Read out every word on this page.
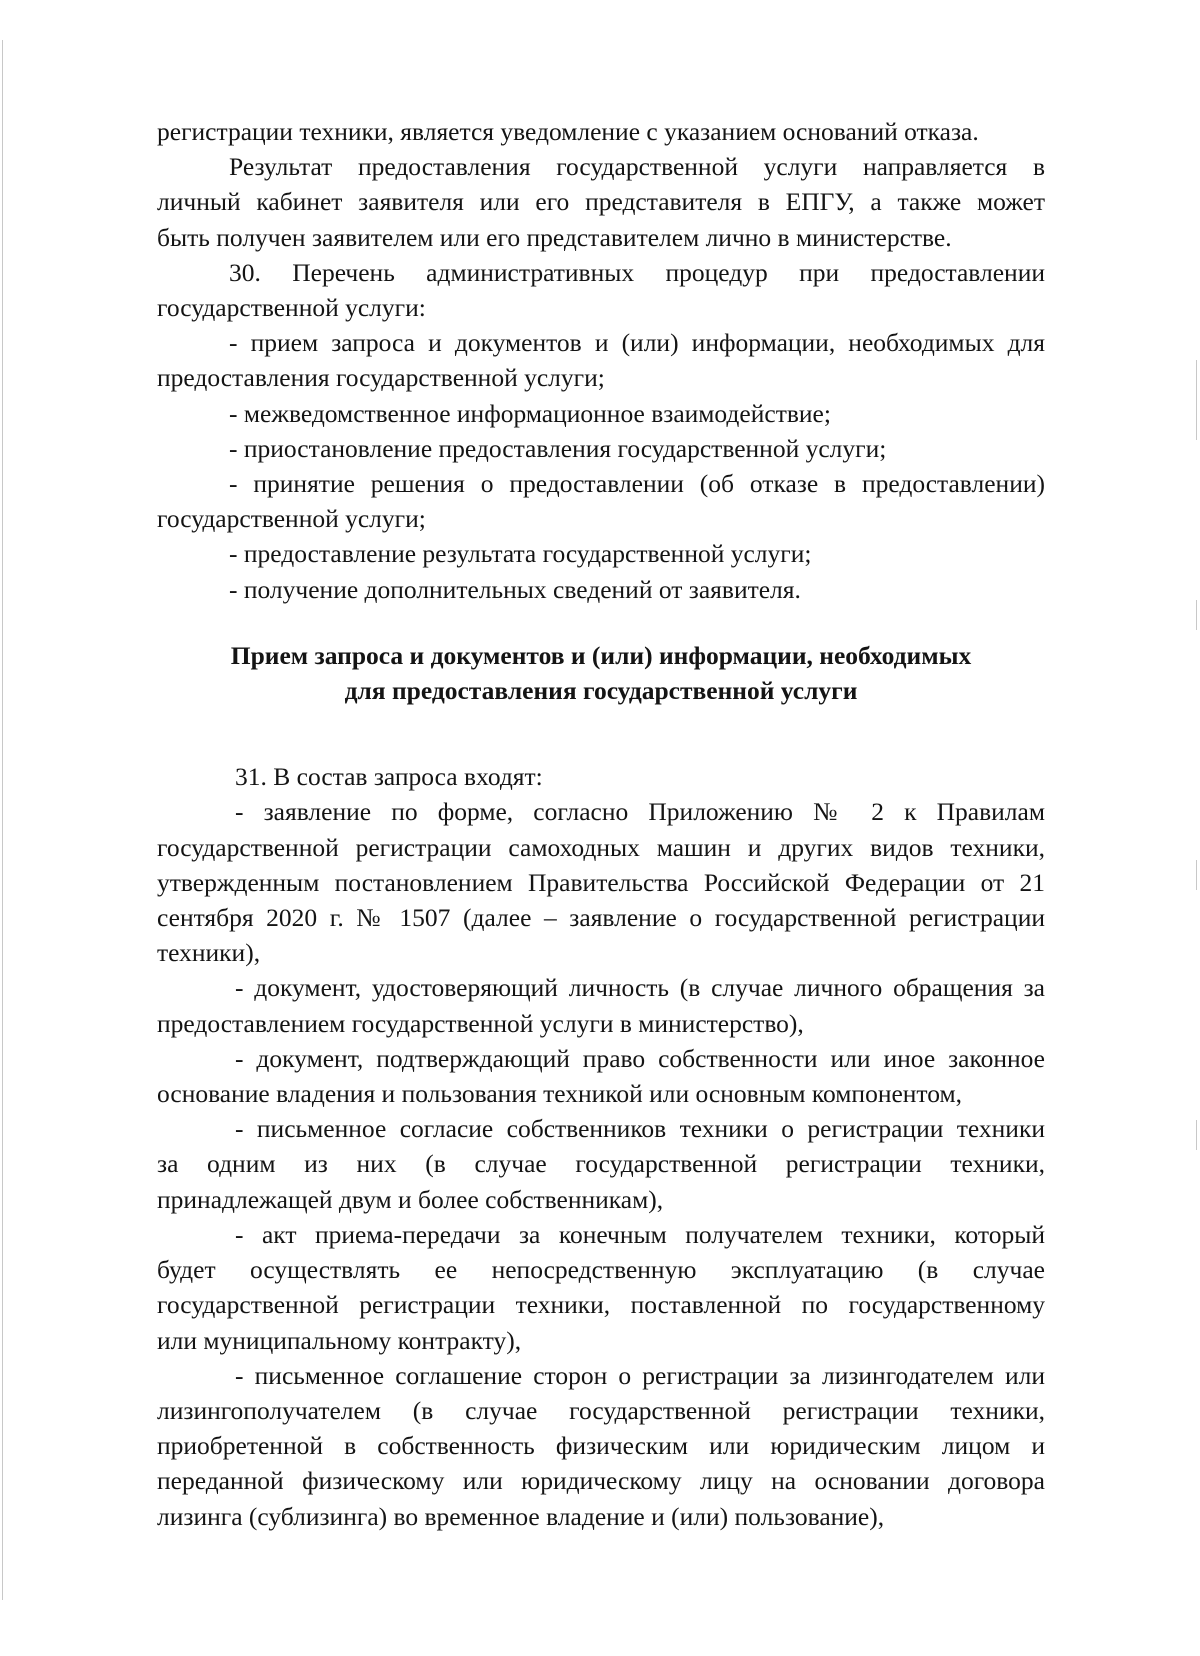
регистрации техники, является уведомление с указанием оснований отказа.
Результат предоставления государственной услуги направляется в
личный кабинет заявителя или его представителя в ЕПГУ, а также может
быть получен заявителем или его представителем лично в министерстве.
30. Перечень административных процедур при предоставлении
государственной услуги:
- прием запроса и документов и (или) информации, необходимых для
предоставления государственной услуги;
- межведомственное информационное взаимодействие;
- приостановление предоставления государственной услуги;
- принятие решения о предоставлении (об отказе в предоставлении)
государственной услуги;
- предоставление результата государственной услуги;
- получение дополнительных сведений от заявителя.
Прием запроса и документов и (или) информации, необходимых
для предоставления государственной услуги
31. В состав запроса входят:
- заявление по форме, согласно Приложению № 2 к Правилам
государственной регистрации самоходных машин и других видов техники,
утвержденным постановлением Правительства Российской Федерации от 21
сентября 2020 г. № 1507 (далее – заявление о государственной регистрации
техники),
- документ, удостоверяющий личность (в случае личного обращения за
предоставлением государственной услуги в министерство),
- документ, подтверждающий право собственности или иное законное
основание владения и пользования техникой или основным компонентом,
- письменное согласие собственников техники о регистрации техники
за одним из них (в случае государственной регистрации техники,
принадлежащей двум и более собственникам),
- акт приема-передачи за конечным получателем техники, который
будет осуществлять ее непосредственную эксплуатацию (в случае
государственной регистрации техники, поставленной по государственному
или муниципальному контракту),
- письменное соглашение сторон о регистрации за лизингодателем или
лизингополучателем (в случае государственной регистрации техники,
приобретенной в собственность физическим или юридическим лицом и
переданной физическому или юридическому лицу на основании договора
лизинга (сублизинга) во временное владение и (или) пользование),
